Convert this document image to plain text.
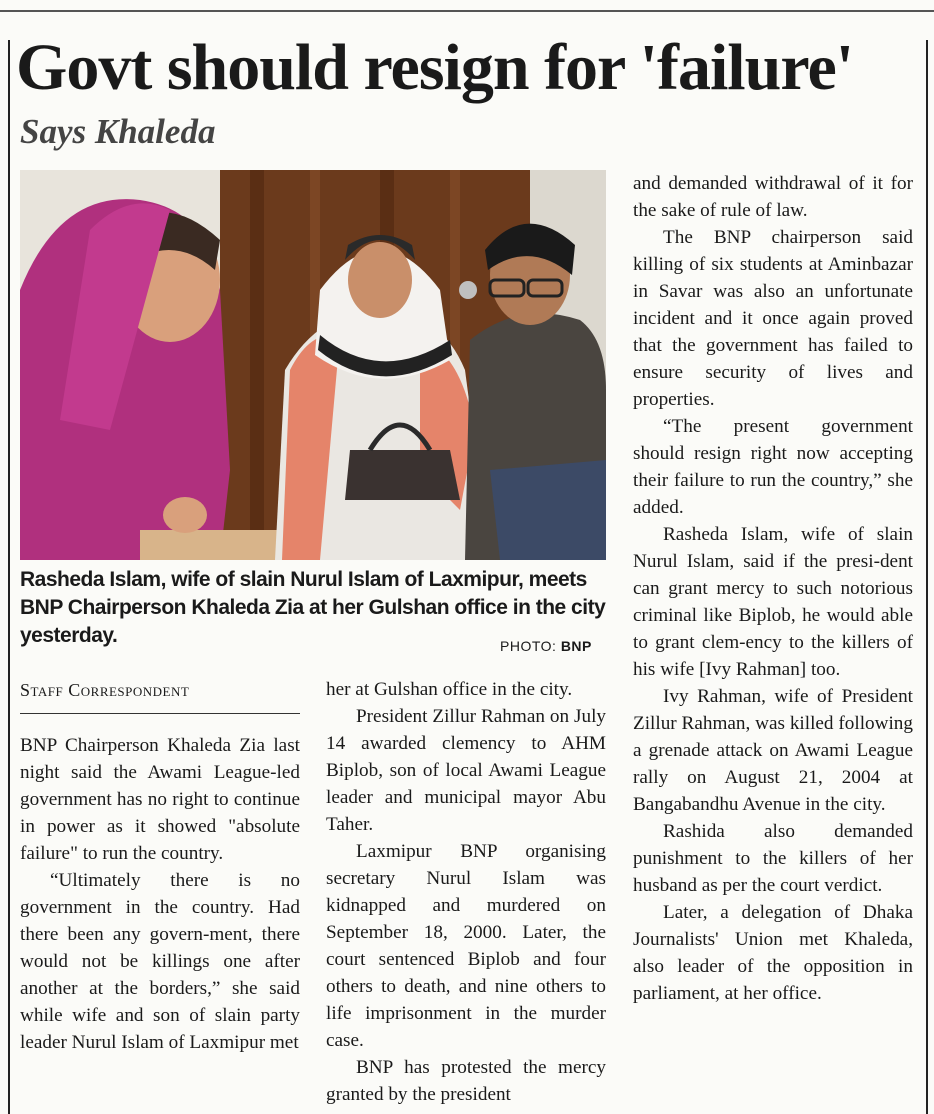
Govt should resign for 'failure'
Says Khaleda

Rasheda Islam, wife of slain Nurul Islam of Laxmipur, meets BNP Chairperson Khaleda Zia at her Gulshan office in the city yesterday.	PHOTO: BNP

Staff Correspondent

BNP Chairperson Khaleda Zia last night said the Awami League-led government has no right to continue in power as it showed "absolute failure" to run the country.

“Ultimately there is no government in the country. Had there been any govern-ment, there would not be killings one after another at the borders,” she said while wife and son of slain party leader Nurul Islam of Laxmipur met

her at Gulshan office in the city.

President Zillur Rahman on July 14 awarded clemency to AHM Biplob, son of local Awami League leader and municipal mayor Abu Taher.

Laxmipur BNP organising secretary Nurul Islam was kidnapped and murdered on September 18, 2000. Later, the court sentenced Biplob and four others to death, and nine others to life imprisonment in the murder case.

BNP has protested the mercy granted by the president

and demanded withdrawal of it for the sake of rule of law.

The BNP chairperson said killing of six students at Aminbazar in Savar was also an unfortunate incident and it once again proved that the government has failed to ensure security of lives and properties.

“The present government should resign right now accepting their failure to run the country,” she added.

Rasheda Islam, wife of slain Nurul Islam, said if the presi-dent can grant mercy to such notorious criminal like Biplob, he would able to grant clem-ency to the killers of his wife [Ivy Rahman] too.

Ivy Rahman, wife of President Zillur Rahman, was killed following a grenade attack on Awami League rally on August 21, 2004 at Bangabandhu Avenue in the city.

Rashida also demanded punishment to the killers of her husband as per the court verdict.

Later, a delegation of Dhaka Journalists' Union met Khaleda, also leader of the opposition in parliament, at her office.
